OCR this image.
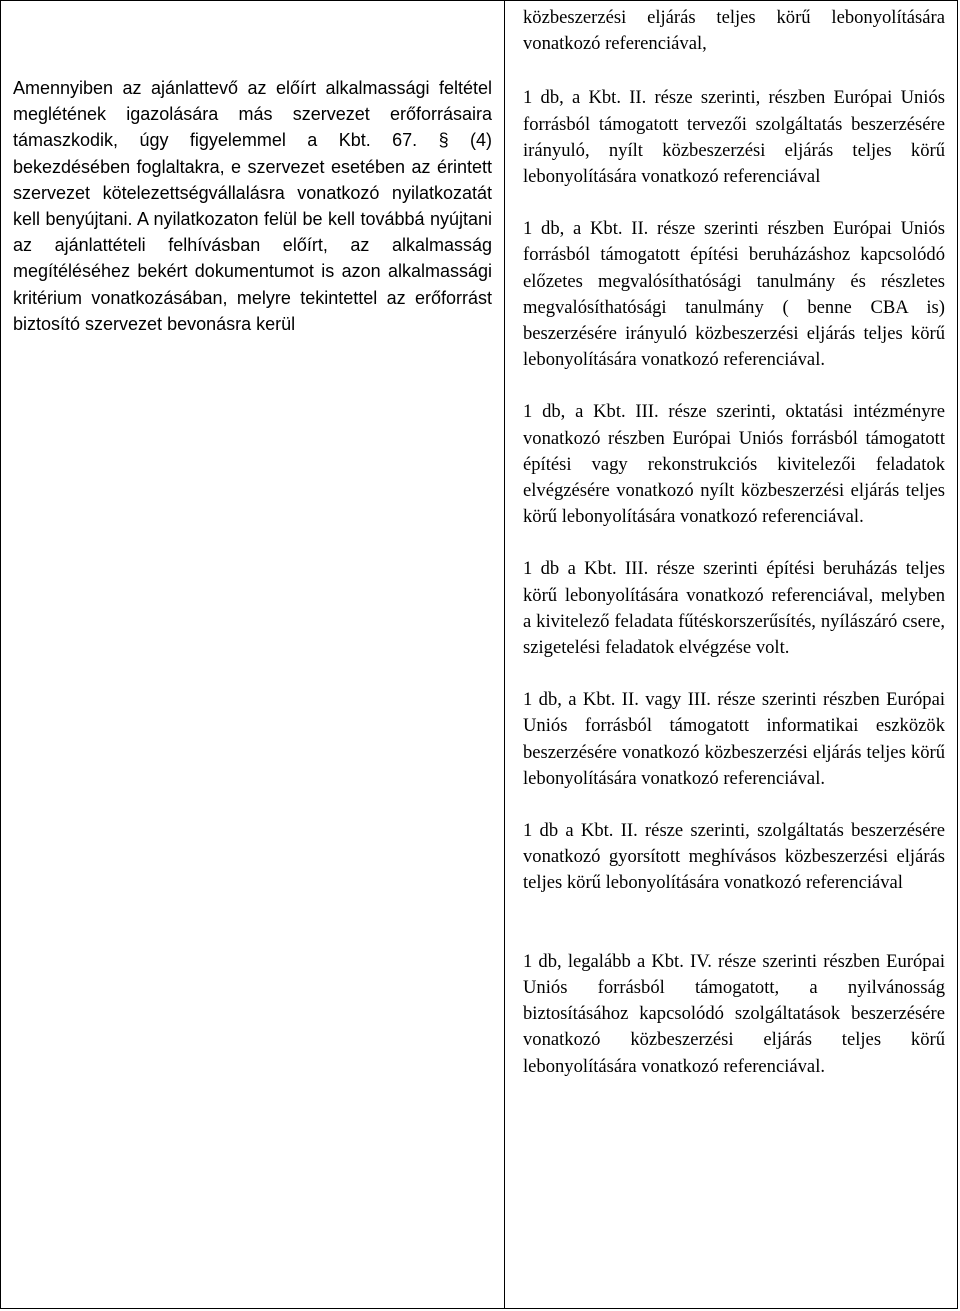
Amennyiben az ajánlattevő az előírt alkalmassági feltétel meglétének igazolására más szervezet erőforrásaira támaszkodik, úgy figyelemmel a Kbt. 67. § (4) bekezdésében foglaltakra, e szervezet esetében az érintett szervezet kötelezettségvállalásra vonatkozó nyilatkozatát kell benyújtani. A nyilatkozaton felül be kell továbbá nyújtani az ajánlattételi felhívásban előírt, az alkalmasság megítéléséhez bekért dokumentumot is azon alkalmassági kritérium vonatkozásában, melyre tekintettel az erőforrást biztosító szervezet bevonásra kerül

közbeszerzési eljárás teljes körű lebonyolítására vonatkozó referenciával,

1 db, a Kbt. II. része szerinti, részben Európai Uniós forrásból támogatott tervezői szolgáltatás beszerzésére irányuló, nyílt közbeszerzési eljárás teljes körű lebonyolítására vonatkozó referenciával

1 db, a Kbt. II. része szerinti részben Európai Uniós forrásból támogatott építési beruházáshoz kapcsolódó előzetes megvalósíthatósági tanulmány és részletes megvalósíthatósági tanulmány ( benne CBA is) beszerzésére irányuló közbeszerzési eljárás teljes körű lebonyolítására vonatkozó referenciával.

1 db, a Kbt. III. része szerinti, oktatási intézményre vonatkozó részben Európai Uniós forrásból támogatott építési vagy rekonstrukciós kivitelezői feladatok elvégzésére vonatkozó nyílt közbeszerzési eljárás teljes körű lebonyolítására vonatkozó referenciával.

1 db a Kbt. III. része szerinti építési beruházás teljes körű lebonyolítására vonatkozó referenciával, melyben a kivitelező feladata fűtéskorszerűsítés, nyílászáró csere, szigetelési feladatok elvégzése volt.

1 db, a Kbt. II. vagy III. része szerinti részben Európai Uniós forrásból támogatott informatikai eszközök beszerzésére vonatkozó közbeszerzési eljárás teljes körű lebonyolítására vonatkozó referenciával.

1 db a Kbt. II. része szerinti, szolgáltatás beszerzésére vonatkozó gyorsított meghívásos közbeszerzési eljárás teljes körű lebonyolítására vonatkozó referenciával

1 db, legalább a Kbt. IV. része szerinti részben Európai Uniós forrásból támogatott, a nyilvánosság biztosításához kapcsolódó szolgáltatások beszerzésére vonatkozó közbeszerzési eljárás teljes körű lebonyolítására vonatkozó referenciával.
